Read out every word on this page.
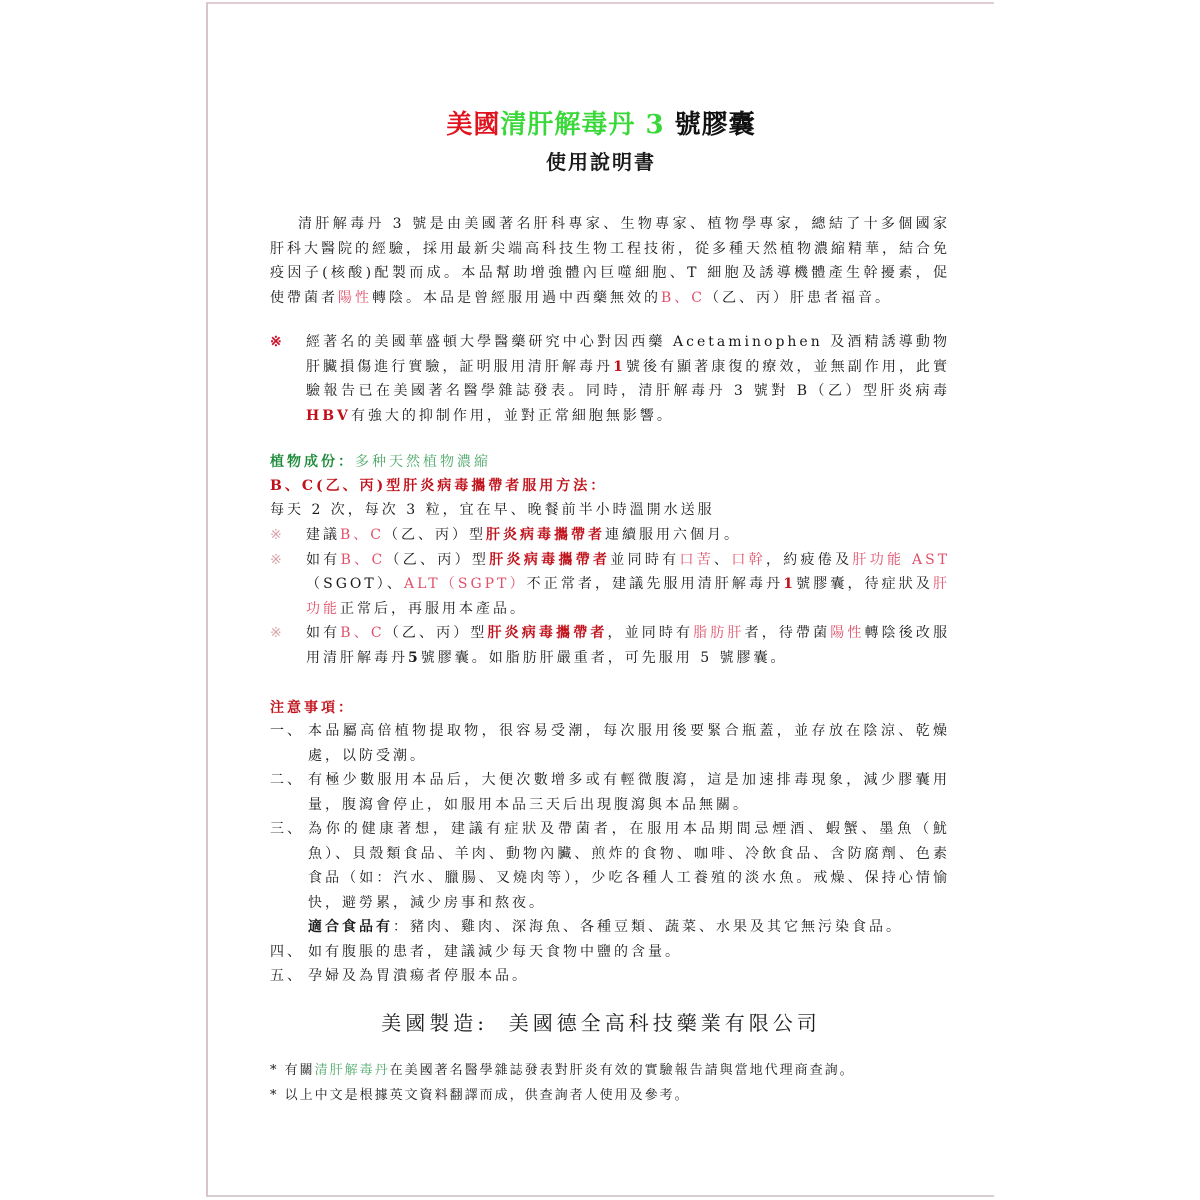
美國清肝解毒丹 3 號膠囊
使用說明書
清肝解毒丹 3 號是由美國著名肝科專家、生物專家、植物學專家，總結了十多個國家肝科大醫院的經驗，採用最新尖端高科技生物工程技術，從多種天然植物濃縮精華，結合免疫因子(核酸)配製而成。本品幫助增強體內巨噬細胞、T 細胞及誘導機體產生幹擾素，促使帶菌者陽性轉陰。本品是曾經服用過中西藥無效的B、C（乙、丙）肝患者福音。
※	經著名的美國華盛頓大學醫藥研究中心對因西藥 Acetaminophen 及酒精誘導動物肝臟損傷進行實驗，証明服用清肝解毒丹1號後有顯著康復的療效，並無副作用，此實驗報告已在美國著名醫學雜誌發表。同時，清肝解毒丹 3 號對 B（乙）型肝炎病毒HBV有強大的抑制作用，並對正常細胞無影響。
植物成份：多种天然植物濃縮
B、C(乙、丙)型肝炎病毒攜帶者服用方法：
每天 2 次，每次 3 粒，宜在早、晚餐前半小時溫開水送服
※	建議B、C（乙、丙）型肝炎病毒攜帶者連續服用六個月。
※	如有B、C（乙、丙）型肝炎病毒攜帶者並同時有口苦、口幹，約疲倦及肝功能 AST（SGOT）、ALT（SGPT）不正常者，建議先服用清肝解毒丹1號膠囊，待症狀及肝功能正常后，再服用本產品。
※	如有B、C（乙、丙）型肝炎病毒攜帶者，並同時有脂肪肝者，待帶菌陽性轉陰後改服用清肝解毒丹5號膠囊。如脂肪肝嚴重者，可先服用 5 號膠囊。
注意事項：
一、 本品屬高倍植物提取物，很容易受潮，每次服用後要緊合瓶蓋，並存放在陰涼、乾燥處，以防受潮。
二、 有極少數服用本品后，大便次數增多或有輕微腹瀉，這是加速排毒現象，減少膠囊用量，腹瀉會停止，如服用本品三天后出現腹瀉與本品無關。
三、 為你的健康著想，建議有症狀及帶菌者，在服用本品期間忌煙酒、蝦蟹、墨魚（魷魚）、貝殼類食品、羊肉、動物內臟、煎炸的食物、咖啡、冷飲食品、含防腐劑、色素食品（如：汽水、臘腸、叉燒肉等），少吃各種人工養殖的淡水魚。戒燥、保持心情愉快，避勞累，減少房事和熬夜。
適合食品有：豬肉、雞肉、深海魚、各種豆類、蔬菜、水果及其它無污染食品。
四、 如有腹脹的患者，建議減少每天食物中鹽的含量。
五、 孕婦及為胃潰瘍者停服本品。
美國製造: 美國德全高科技藥業有限公司
* 有關清肝解毒丹在美國著名醫學雜誌發表對肝炎有效的實驗報告請與當地代理商查詢。
* 以上中文是根據英文資料翻譯而成，供查詢者人使用及參考。
